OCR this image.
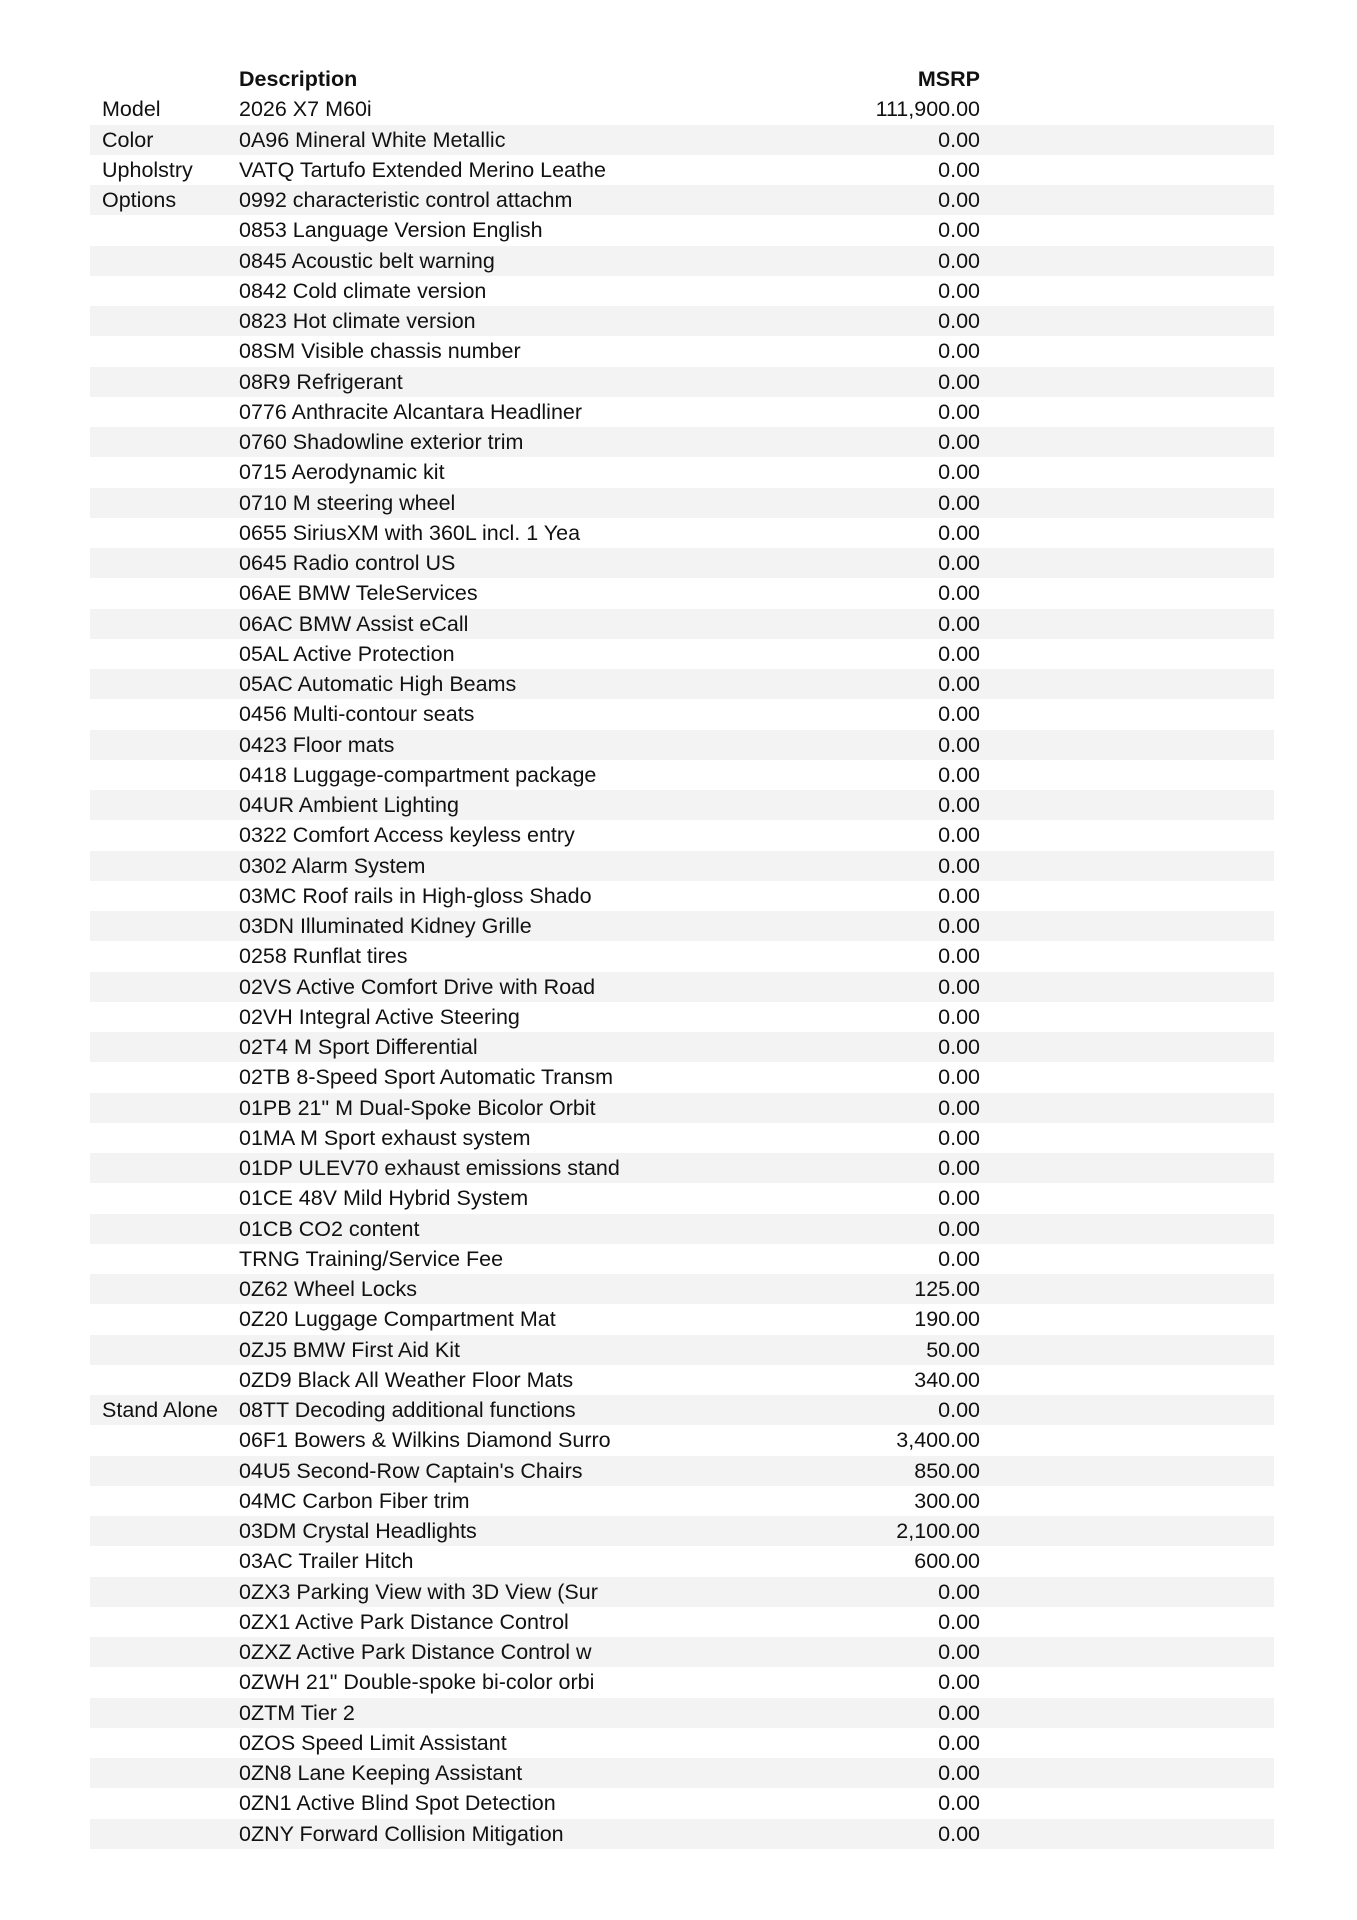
Description	MSRP
Model	2026 X7 M60i	111,900.00
Color	0A96 Mineral White Metallic	0.00
Upholstry	VATQ Tartufo Extended Merino Leathe	0.00
Options	0992 characteristic control attachm	0.00
0853 Language Version English	0.00
0845 Acoustic belt warning	0.00
0842 Cold climate version	0.00
0823 Hot climate version	0.00
08SM Visible chassis number	0.00
08R9 Refrigerant	0.00
0776 Anthracite Alcantara Headliner	0.00
0760 Shadowline exterior trim	0.00
0715 Aerodynamic kit	0.00
0710 M steering wheel	0.00
0655 SiriusXM with 360L incl. 1 Yea	0.00
0645 Radio control US	0.00
06AE BMW TeleServices	0.00
06AC BMW Assist eCall	0.00
05AL Active Protection	0.00
05AC Automatic High Beams	0.00
0456 Multi-contour seats	0.00
0423 Floor mats	0.00
0418 Luggage-compartment package	0.00
04UR Ambient Lighting	0.00
0322 Comfort Access keyless entry	0.00
0302 Alarm System	0.00
03MC Roof rails in High-gloss Shado	0.00
03DN Illuminated Kidney Grille	0.00
0258 Runflat tires	0.00
02VS Active Comfort Drive with Road	0.00
02VH Integral Active Steering	0.00
02T4 M Sport Differential	0.00
02TB 8-Speed Sport Automatic Transm	0.00
01PB 21" M Dual-Spoke Bicolor Orbit	0.00
01MA M Sport exhaust system	0.00
01DP ULEV70 exhaust emissions stand	0.00
01CE 48V Mild Hybrid System	0.00
01CB CO2 content	0.00
TRNG Training/Service Fee	0.00
0Z62 Wheel Locks	125.00
0Z20 Luggage Compartment Mat	190.00
0ZJ5 BMW First Aid Kit	50.00
0ZD9 Black All Weather Floor Mats	340.00
Stand Alone 08TT Decoding additional functions	0.00
06F1 Bowers & Wilkins Diamond Surro	3,400.00
04U5 Second-Row Captain's Chairs	850.00
04MC Carbon Fiber trim	300.00
03DM Crystal Headlights	2,100.00
03AC Trailer Hitch	600.00
0ZX3 Parking View with 3D View (Sur	0.00
0ZX1 Active Park Distance Control	0.00
0ZXZ Active Park Distance Control w	0.00
0ZWH 21" Double-spoke bi-color orbi	0.00
0ZTM Tier 2	0.00
0ZOS Speed Limit Assistant	0.00
0ZN8 Lane Keeping Assistant	0.00
0ZN1 Active Blind Spot Detection	0.00
0ZNY Forward Collision Mitigation	0.00
